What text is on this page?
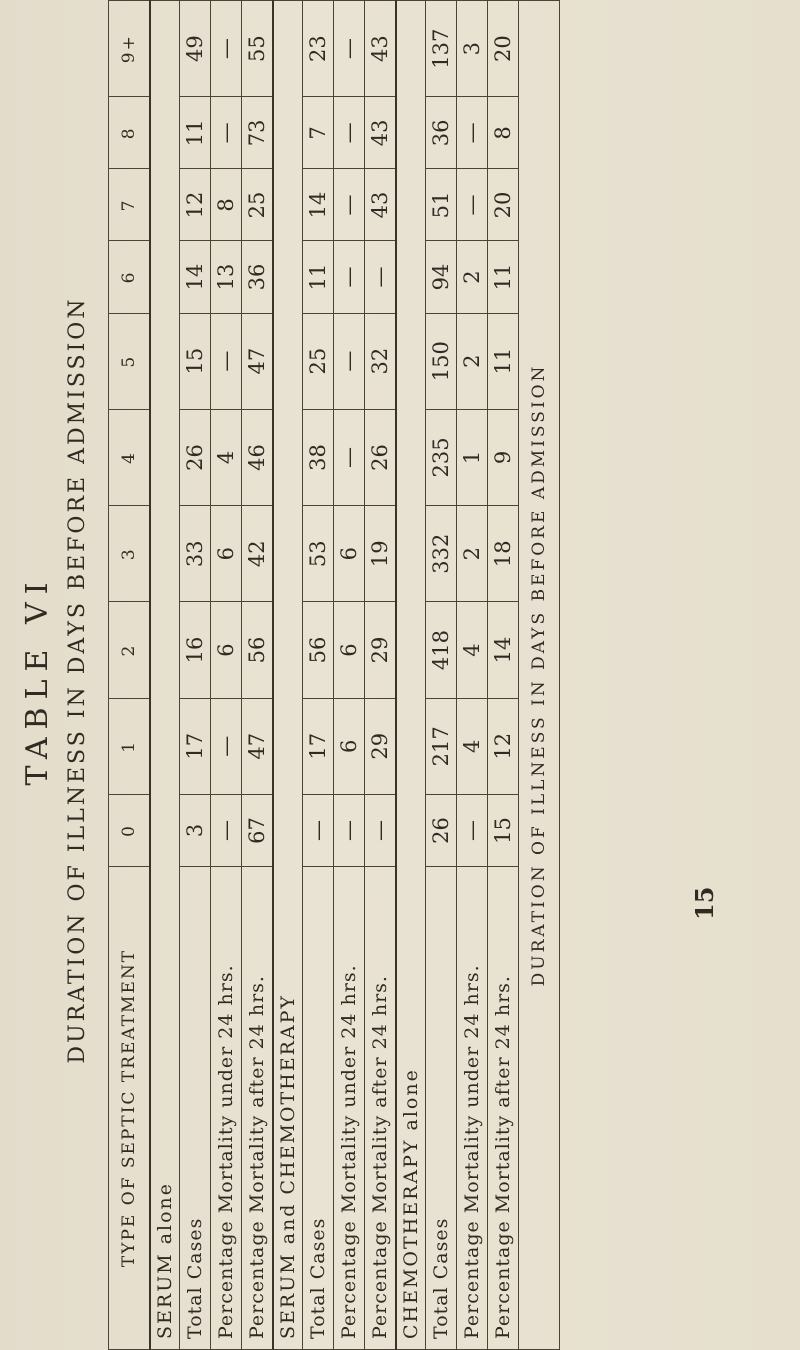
TABLE VI DURATION OF ILLNESS IN DAYS BEFORE ADMISSION

TYPE OF SEPTIC TREATMENT	0	1	2	3	4	5	6	7	8	9+
SERUM alone										
Total Cases	3	17	16	33	26	15	14	12	11	49
Percentage Mortality under 24 hrs.	—	—	6	6	4	—	13	8	—	—
Percentage Mortality after 24 hrs.	67	47	56	42	46	47	36	25	73	55
SERUM and CHEMOTHERAPY										
Total Cases	—	17	56	53	38	25	11	14	7	23
Percentage Mortality under 24 hrs.	—	6	6	6	—	—	—	—	—	—
Percentage Mortality after 24 hrs.	—	29	29	19	26	32	—	43	43	43
CHEMOTHERAPY alone										
Total Cases	26	217	418	332	235	150	94	51	36	137
Percentage Mortality under 24 hrs.	—	4	4	2	1	2	2	—	—	3
Percentage Mortality after 24 hrs.	15	12	14	18	9	11	11	20	8	20
DURATION OF ILLNESS IN DAYS BEFORE ADMISSION											15
